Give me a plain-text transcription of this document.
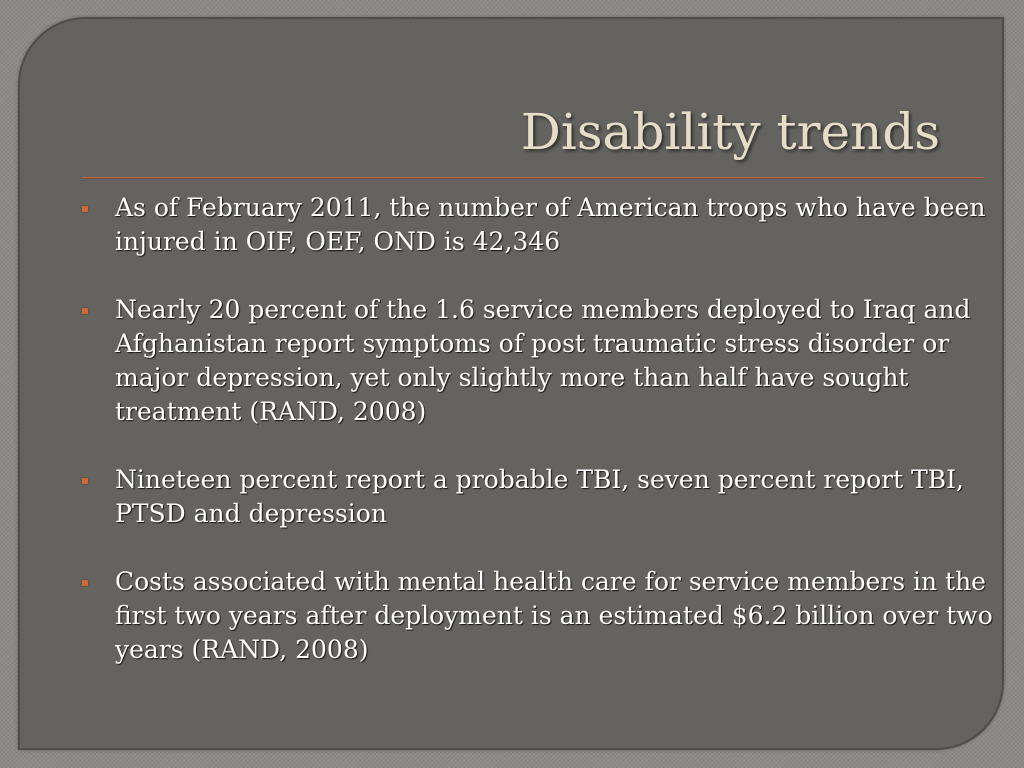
Disability trends
As of February 2011, the number of American troops who have been injured in OIF, OEF, OND is 42,346
Nearly 20 percent of the 1.6 service members deployed to Iraq and Afghanistan report symptoms of post traumatic stress disorder or major depression, yet only slightly more than half have sought treatment (RAND, 2008)
Nineteen percent report a probable TBI, seven percent report TBI, PTSD and depression
Costs associated with mental health care for service members in the first two years after deployment is an estimated $6.2 billion over two years (RAND, 2008)
